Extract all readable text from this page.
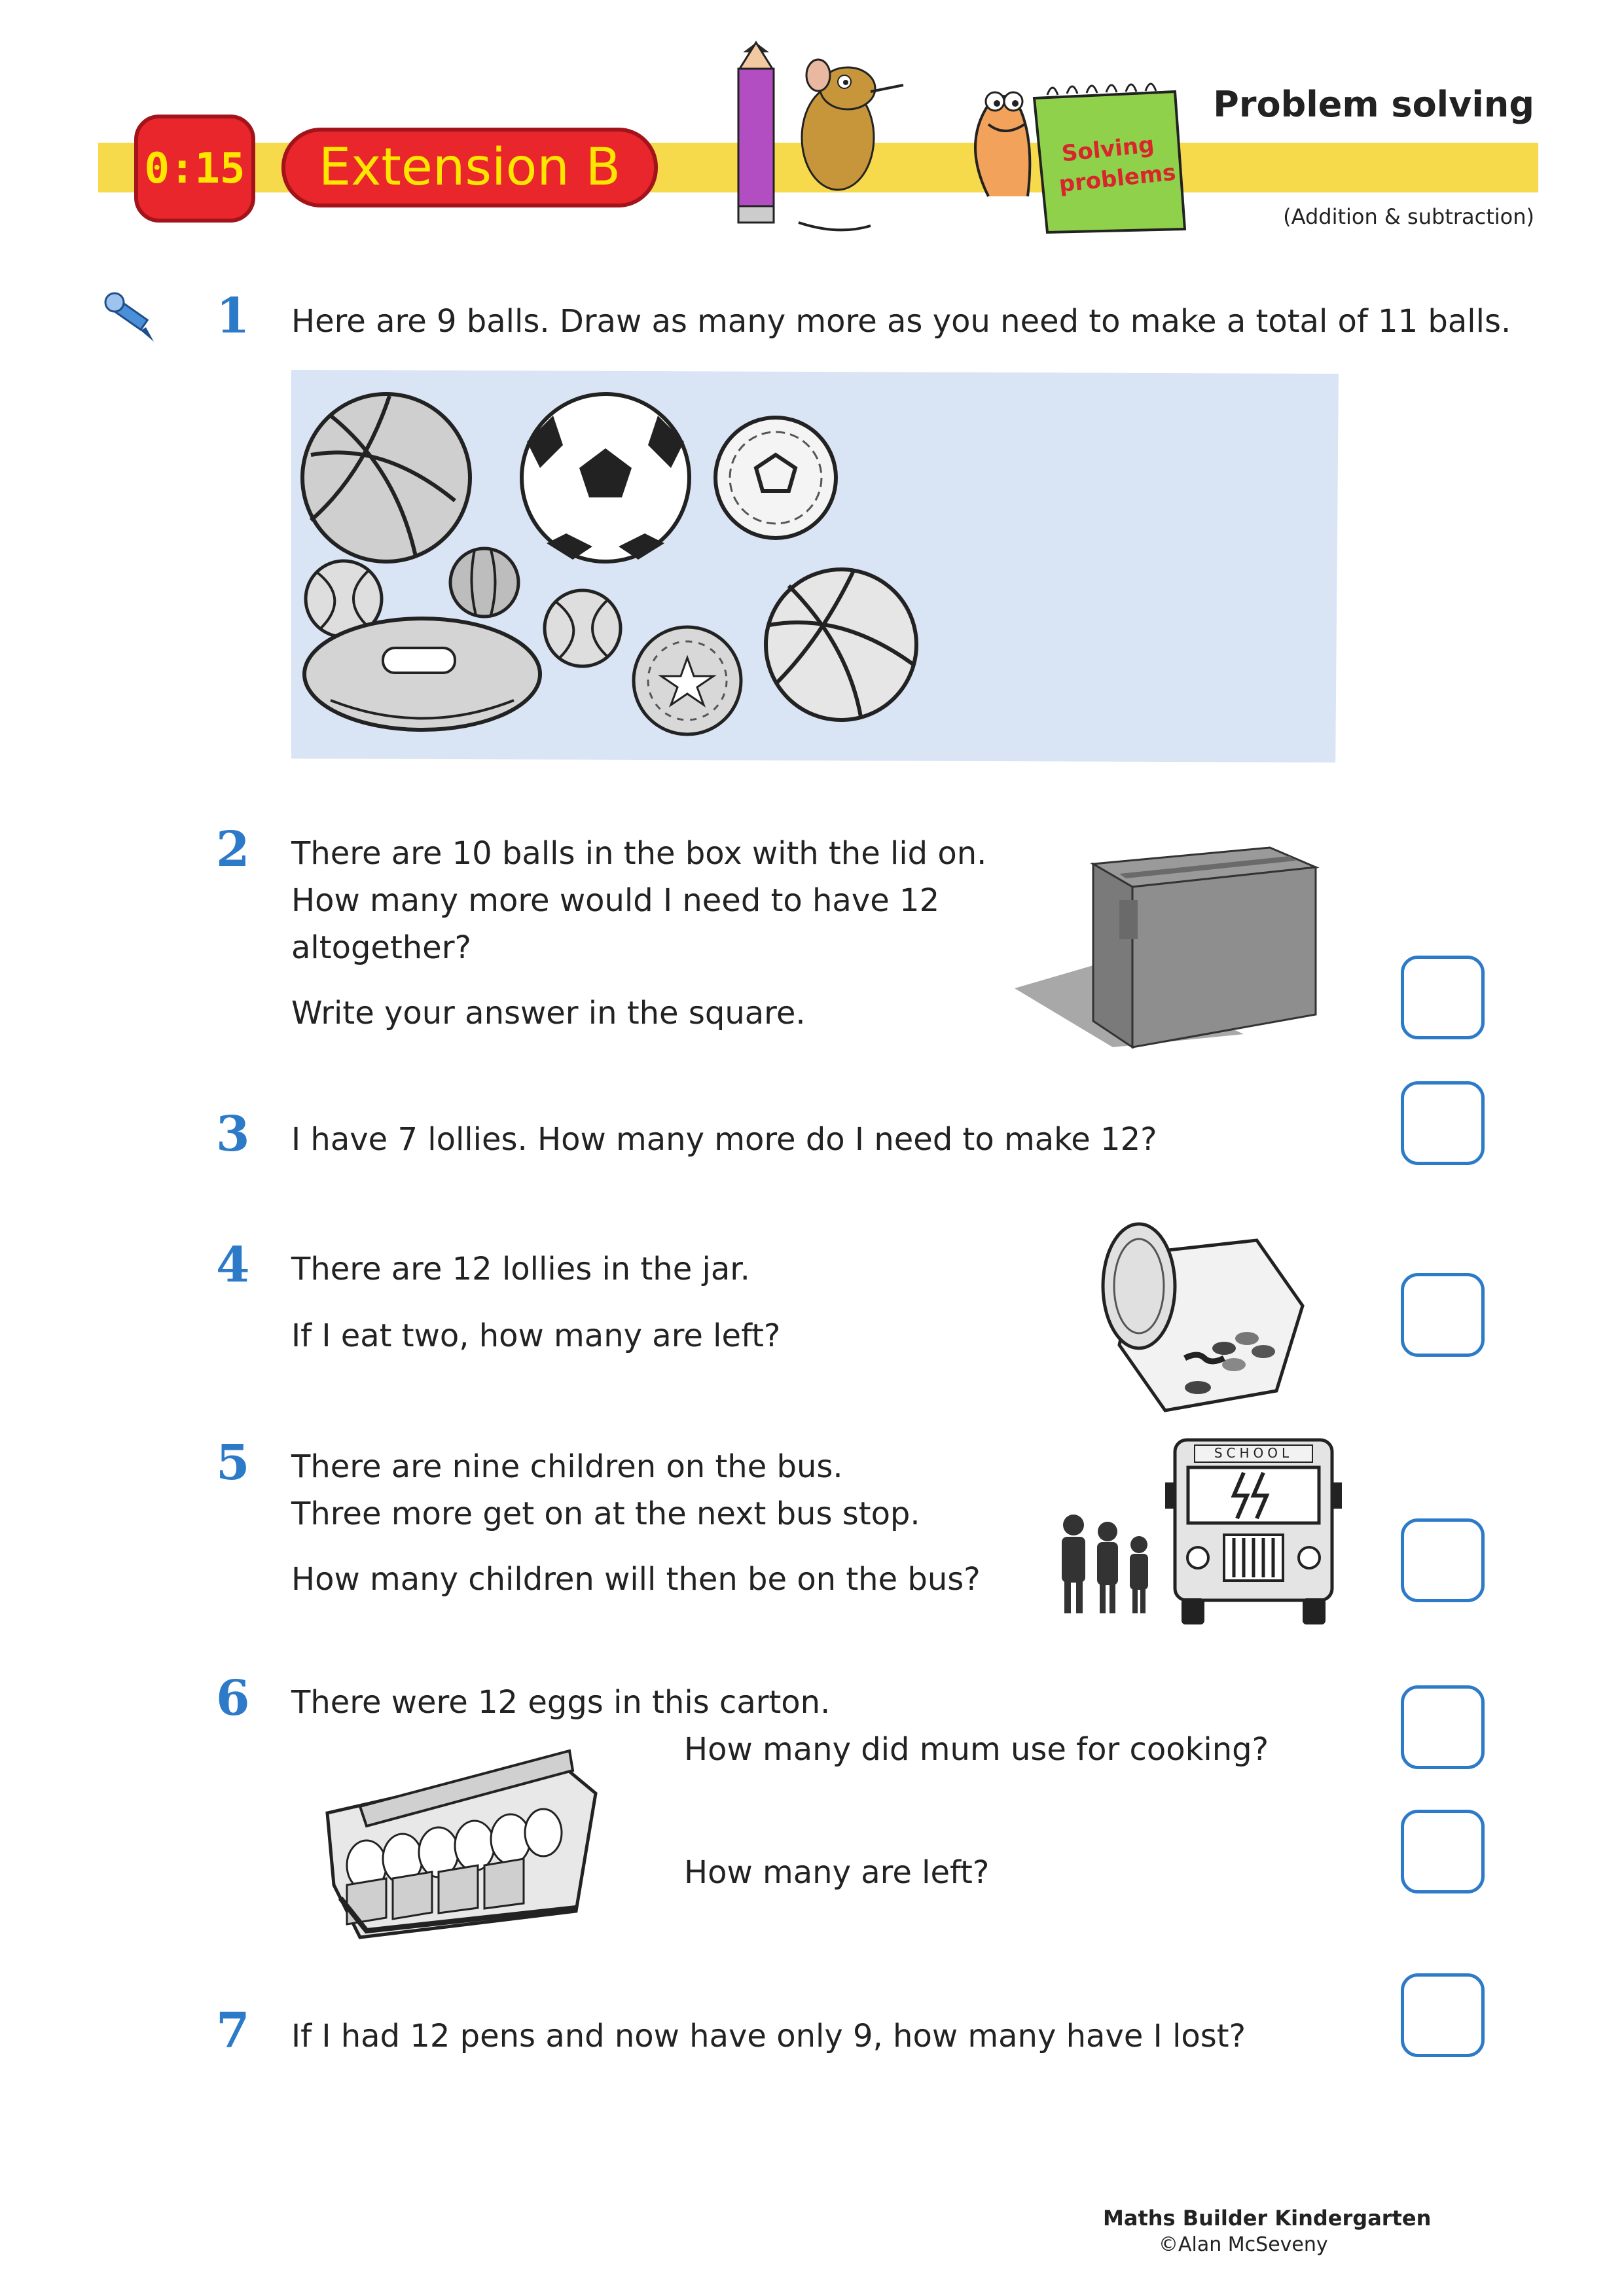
0:15	Extension B	Solving
problems
Problem solving
(Addition & subtraction)
1 Here are 9 balls. Draw as many more as you need to make a total of 11 balls.
2 There are 10 balls in the box with the lid on.
How many more would I need to have 12
altogether?
Write your answer in the square.
3 I have 7 lollies. How many more do I need to make 12?
4 There are 12 lollies in the jar.
If I eat two, how many are left?
5 There are nine children on the bus.
Three more get on at the next bus stop.
How many children will then be on the bus?
SCHOOL
6 There were 12 eggs in this carton.
How many did mum use for cooking?
How many are left?
7 If I had 12 pens and now have only 9, how many have I lost?
Maths Builder Kindergarten
©Alan McSeveny
